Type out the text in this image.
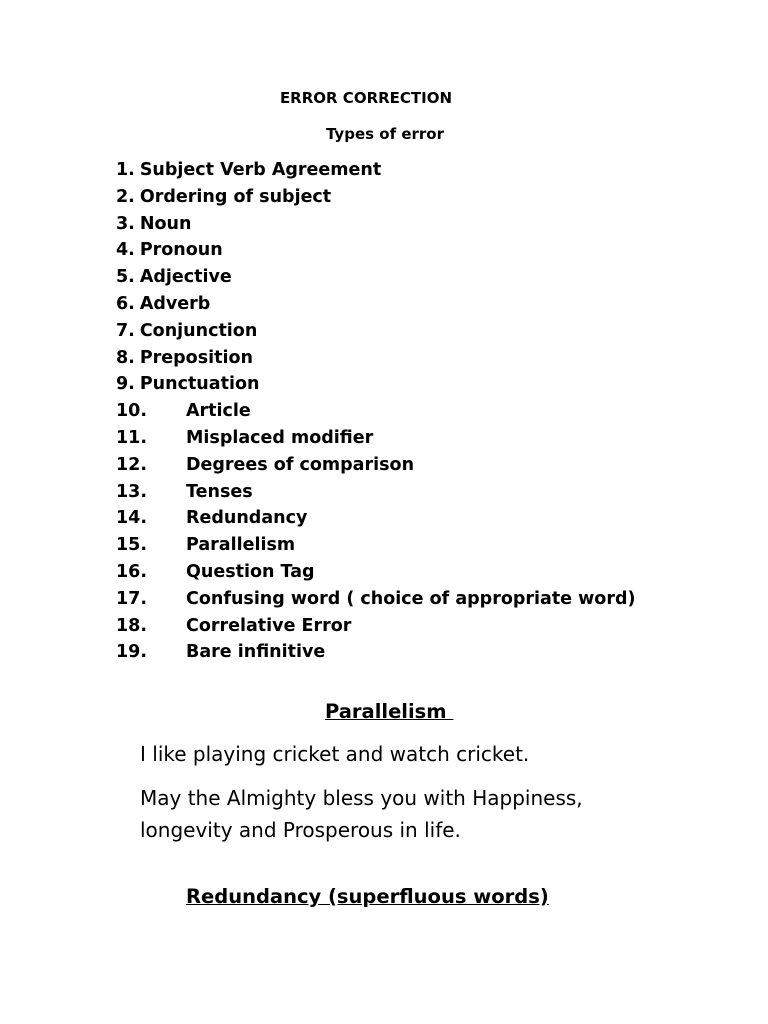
ERROR CORRECTION
Types of error
1. Subject Verb Agreement
2. Ordering of subject
3. Noun
4. Pronoun
5. Adjective
6. Adverb
7. Conjunction
8. Preposition
9. Punctuation
10. Article
11. Misplaced modifier
12. Degrees of comparison
13. Tenses
14. Redundancy
15. Parallelism
16. Question Tag
17. Confusing word ( choice of appropriate word)
18. Correlative Error
19. Bare infinitive
Parallelism
I like playing cricket and watch cricket.
May the Almighty bless you with Happiness,
longevity and Prosperous in life.
Redundancy (superfluous words)
